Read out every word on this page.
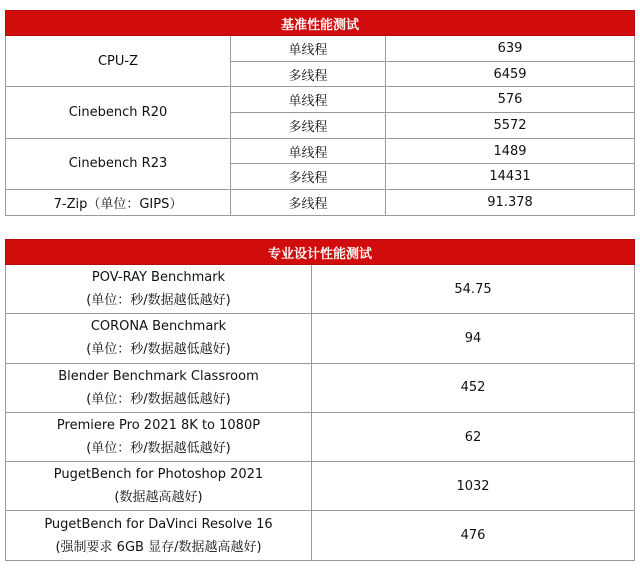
基准性能测试		
CPU-Z	单线程	639
	多线程	6459
Cinebench R20	单线程	576
	多线程	5572
Cinebench R23	单线程	1489
	多线程	14431
7-Zip（单位：GIPS）	多线程	91.378
专业设计性能测试	

POV-RAY Benchmark
(单位：秒/数据越低越好)	54.75

CORONA Benchmark
(单位：秒/数据越低越好)	94

Blender Benchmark Classroom
(单位：秒/数据越低越好)	452

Premiere Pro 2021 8K to 1080P
(单位：秒/数据越低越好)	62

PugetBench for Photoshop 2021
(数据越高越好)	1032

PugetBench for DaVinci Resolve 16
(强制要求 6GB 显存/数据越高越好)	476
